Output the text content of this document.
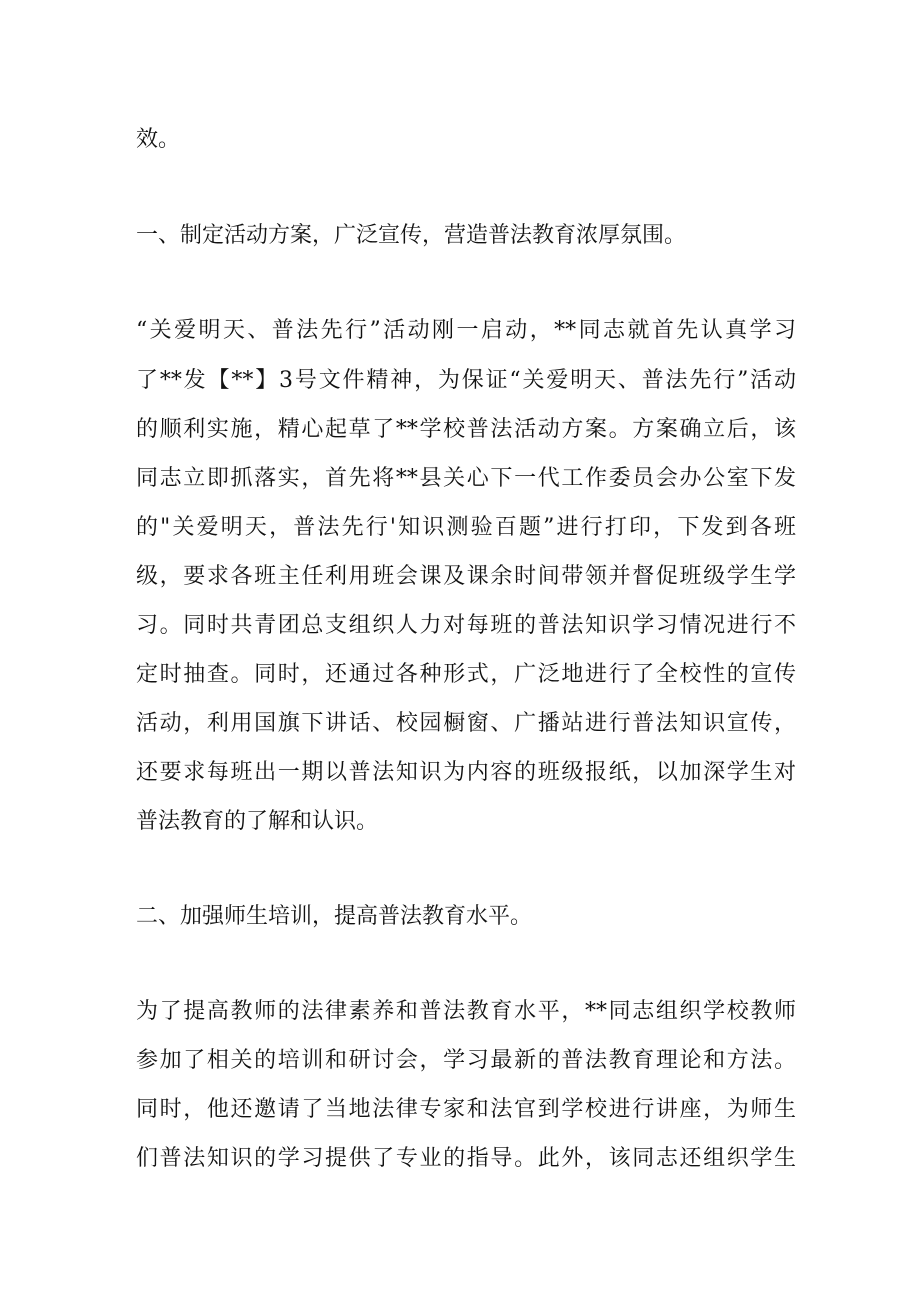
效。
一、制定活动方案，广泛宣传，营造普法教育浓厚氛围。
“关爱明天、普法先行”活动刚一启动，**同志就首先认真学习
了**发【**】3号文件精神，为保证“关爱明天、普法先行”活动
的顺利实施，精心起草了**学校普法活动方案。方案确立后，该
同志立即抓落实，首先将**县关心下一代工作委员会办公室下发
的"关爱明天，普法先行'知识测验百题”进行打印，下发到各班
级，要求各班主任利用班会课及课余时间带领并督促班级学生学
习。同时共青团总支组织人力对每班的普法知识学习情况进行不
定时抽查。同时，还通过各种形式，广泛地进行了全校性的宣传
活动，利用国旗下讲话、校园橱窗、广播站进行普法知识宣传，
还要求每班出一期以普法知识为内容的班级报纸，以加深学生对
普法教育的了解和认识。
二、加强师生培训，提高普法教育水平。
为了提高教师的法律素养和普法教育水平，**同志组织学校教师
参加了相关的培训和研讨会，学习最新的普法教育理论和方法。
同时，他还邀请了当地法律专家和法官到学校进行讲座，为师生
们普法知识的学习提供了专业的指导。此外，该同志还组织学生
